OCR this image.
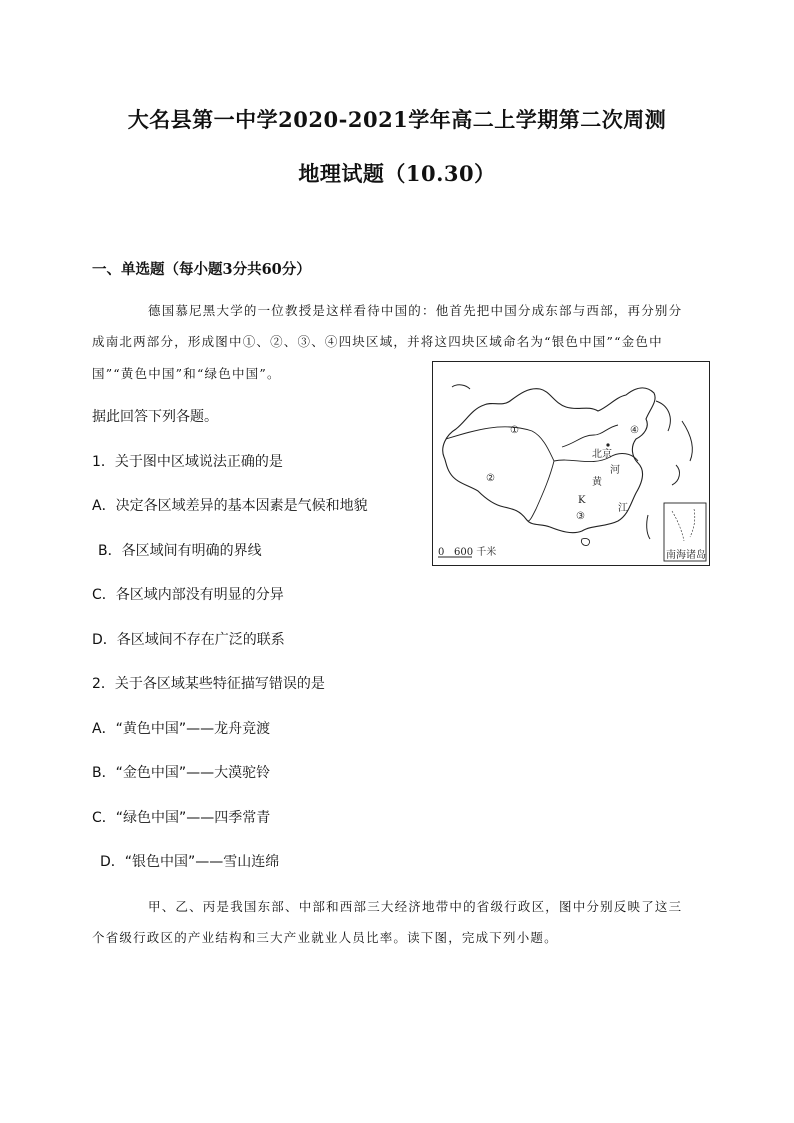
大名县第一中学2020-2021学年高二上学期第二次周测
地理试题（10.30）
一、单选题（每小题3分共60分）
德国慕尼黑大学的一位教授是这样看待中国的：他首先把中国分成东部与西部，再分别分
成南北两部分，形成图中①、②、③、④四块区域，并将这四块区域命名为“银色中国”“金色中
国”“黄色中国”和“绿色中国”。
据此回答下列各题。
1．关于图中区域说法正确的是
A．决定各区域差异的基本因素是气候和地貌
B．各区域间有明确的界线
C．各区域内部没有明显的分异
D．各区域间不存在广泛的联系
2．关于各区域某些特征描写错误的是
A．“黄色中国”——龙舟竞渡
B．“金色中国”——大漠驼铃
C．“绿色中国”——四季常青
D．“银色中国”——雪山连绵
甲、乙、丙是我国东部、中部和西部三大经济地带中的省级行政区，图中分别反映了这三
个省级行政区的产业结构和三大产业就业人员比率。读下图，完成下列小题。
①
②
③
④
北京
黄
河
江
K
0 600 千米	南海诸岛
